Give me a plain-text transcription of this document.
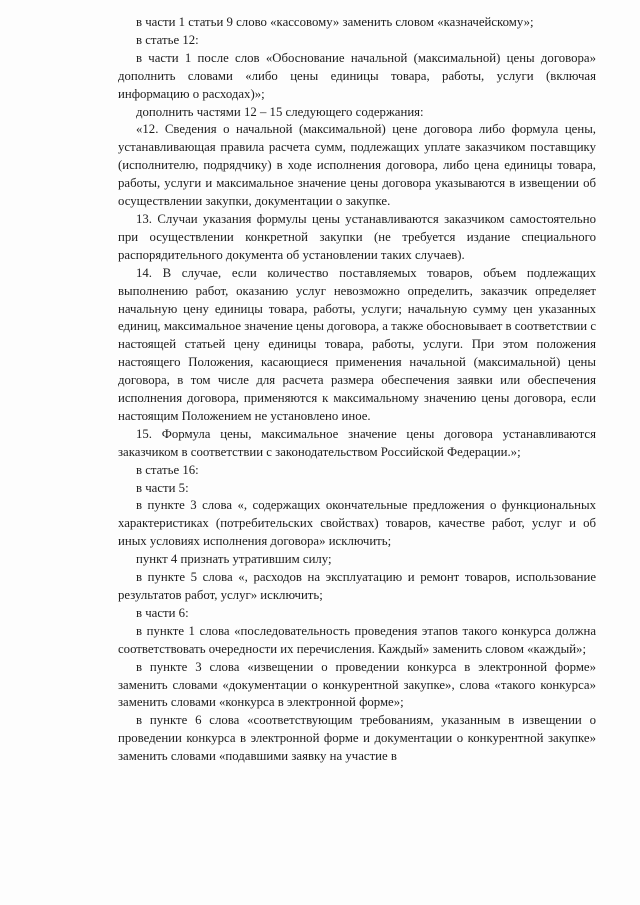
в части 1 статьи 9 слово «кассовому» заменить словом «казначейскому»;

в статье 12:

в части 1 после слов «Обоснование начальной (максимальной) цены договора» дополнить словами «либо цены единицы товара, работы, услуги (включая информацию о расходах)»;

дополнить частями 12 – 15 следующего содержания:

«12. Сведения о начальной (максимальной) цене договора либо формула цены, устанавливающая правила расчета сумм, подлежащих уплате заказчиком поставщику (исполнителю, подрядчику) в ходе исполнения договора, либо цена единицы товара, работы, услуги и максимальное значение цены договора указываются в извещении об осуществлении закупки, документации о закупке.

13. Случаи указания формулы цены устанавливаются заказчиком самостоятельно при осуществлении конкретной закупки (не требуется издание специального распорядительного документа об установлении таких случаев).

14. В случае, если количество поставляемых товаров, объем подлежащих выполнению работ, оказанию услуг невозможно определить, заказчик определяет начальную цену единицы товара, работы, услуги; начальную сумму цен указанных единиц, максимальное значение цены договора, а также обосновывает в соответствии с настоящей статьей цену единицы товара, работы, услуги. При этом положения настоящего Положения, касающиеся применения начальной (максимальной) цены договора, в том числе для расчета размера обеспечения заявки или обеспечения исполнения договора, применяются к максимальному значению цены договора, если настоящим Положением не установлено иное.

15. Формула цены, максимальное значение цены договора устанавливаются заказчиком в соответствии с законодательством Российской Федерации.»;

в статье 16:

в части 5:

в пункте 3 слова «, содержащих окончательные предложения о функциональных характеристиках (потребительских свойствах) товаров, качестве работ, услуг и об иных условиях исполнения договора» исключить;

пункт 4 признать утратившим силу;

в пункте 5 слова «, расходов на эксплуатацию и ремонт товаров, использование результатов работ, услуг» исключить;

в части 6:

в пункте 1 слова «последовательность проведения этапов такого конкурса должна соответствовать очередности их перечисления. Каждый» заменить словом «каждый»;

в пункте 3 слова «извещении о проведении конкурса в электронной форме» заменить словами «документации о конкурентной закупке», слова «такого конкурса» заменить словами «конкурса в электронной форме»;

в пункте 6 слова «соответствующим требованиям, указанным в извещении о проведении конкурса в электронной форме и документации о конкурентной закупке» заменить словами «подавшими заявку на участие в
